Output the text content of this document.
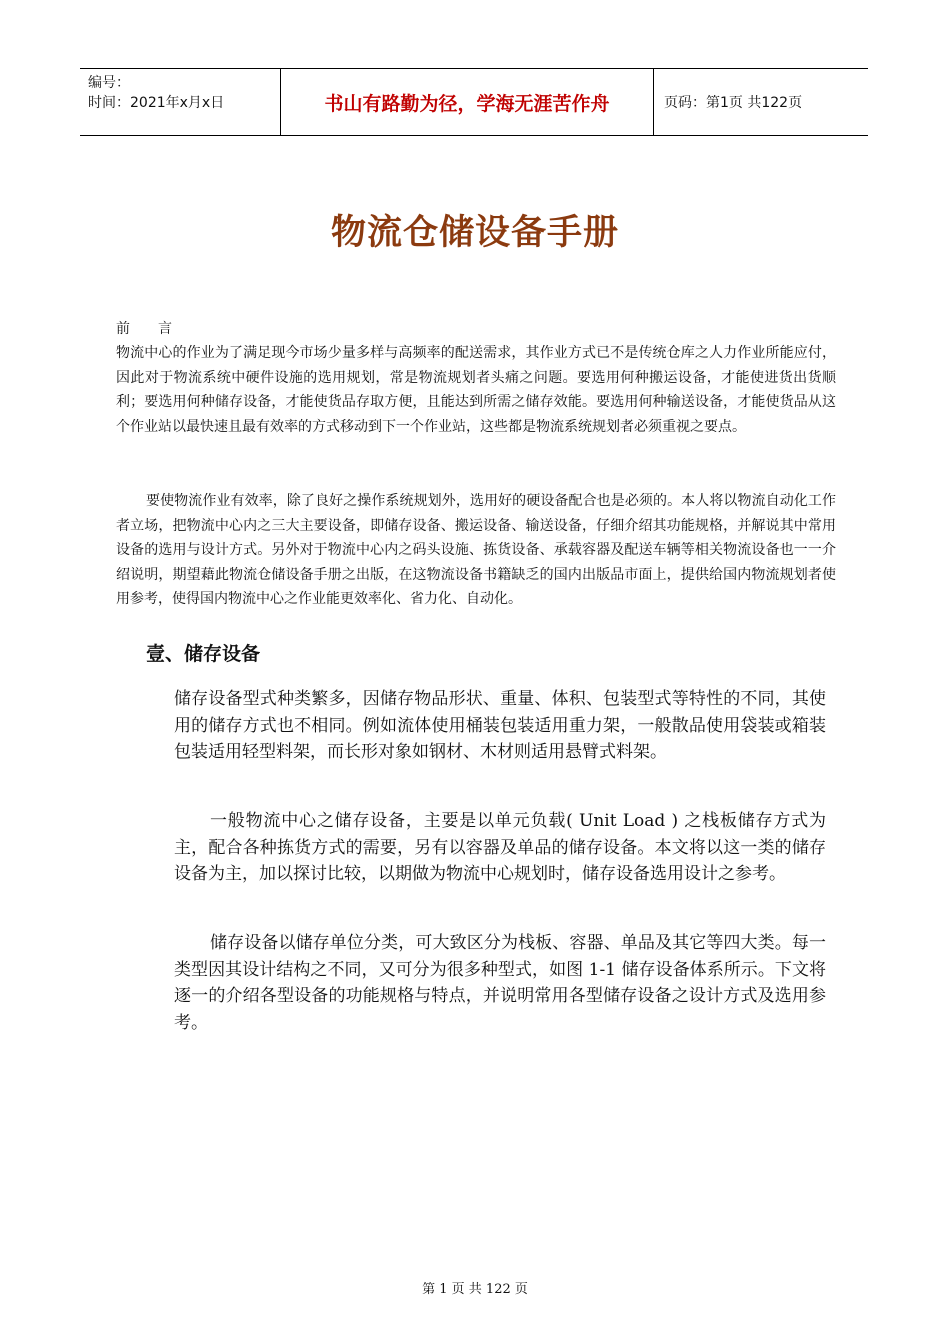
编号：
时间：2021年x月x日	书山有路勤为径，学海无涯苦作舟	页码：第1页 共122页
物流仓储设备手册
前 言

物流中心的作业为了满足现今市场少量多样与高频率的配送需求，其作业方式已不是传统仓库之人力作业所能应付，因此对于物流系统中硬件设施的选用规划，常是物流规划者头痛之问题。要选用何种搬运设备，才能使进货出货顺利；要选用何种储存设备，才能使货品存取方便，且能达到所需之储存效能。要选用何种输送设备，才能使货品从这个作业站以最快速且最有效率的方式移动到下一个作业站，这些都是物流系统规划者必须重视之要点。

要使物流作业有效率，除了良好之操作系统规划外，选用好的硬设备配合也是必须的。本人将以物流自动化工作者立场，把物流中心内之三大主要设备，即储存设备、搬运设备、输送设备，仔细介绍其功能规格，并解说其中常用设备的选用与设计方式。另外对于物流中心内之码头设施、拣货设备、承载容器及配送车辆等相关物流设备也一一介绍说明，期望藉此物流仓储设备手册之出版，在这物流设备书籍缺乏的国内出版品市面上，提供给国内物流规划者使用参考，使得国内物流中心之作业能更效率化、省力化、自动化。

壹、储存设备

储存设备型式种类繁多，因储存物品形状、重量、体积、包装型式等特性的不同，其使用的储存方式也不相同。例如流体使用桶装包装适用重力架，一般散品使用袋装或箱装包装适用轻型料架，而长形对象如钢材、木材则适用悬臂式料架。

一般物流中心之储存设备，主要是以单元负载( Unit Load ) 之栈板储存方式为主，配合各种拣货方式的需要，另有以容器及单品的储存设备。本文将以这一类的储存设备为主，加以探讨比较，以期做为物流中心规划时，储存设备选用设计之参考。

储存设备以储存单位分类，可大致区分为栈板、容器、单品及其它等四大类。每一类型因其设计结构之不同，又可分为很多种型式，如图 1-1 储存设备体系所示。下文将逐一的介绍各型设备的功能规格与特点，并说明常用各型储存设备之设计方式及选用参考。

第 1 页 共 122 页
